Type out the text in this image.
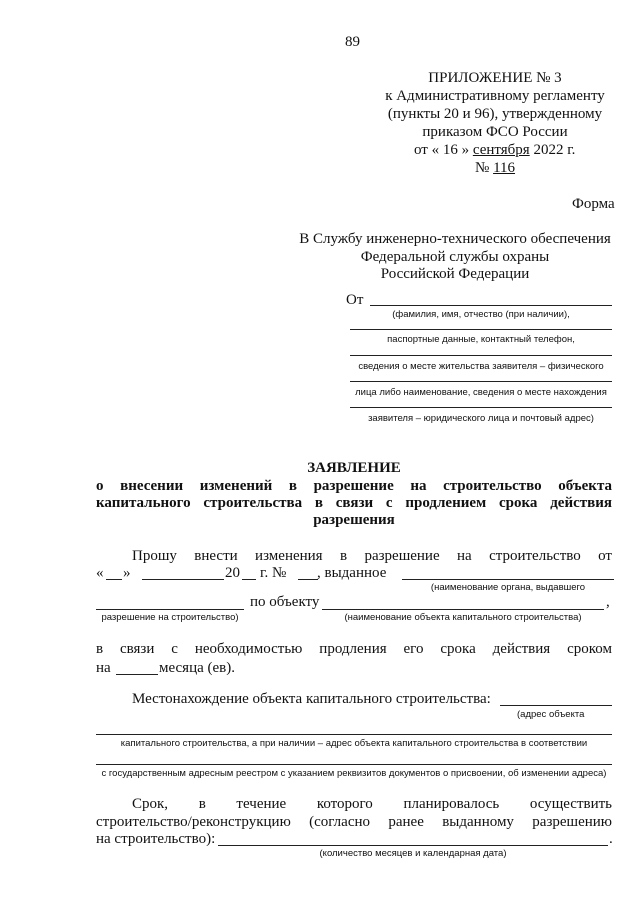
89
ПРИЛОЖЕНИЕ № 3
к Административному регламенту
(пункты 20 и 96), утвержденному
приказом ФСО России
от « 16 » сентября 2022 г.
№ 116
Форма
В Службу инженерно-технического обеспечения
Федеральной службы охраны
Российской Федерации
От
(фамилия, имя, отчество (при наличии),
паспортные данные, контактный телефон,
сведения о месте жительства заявителя – физического
лица либо наименование, сведения о месте нахождения
заявителя – юридического лица и почтовый адрес)
ЗАЯВЛЕНИЕ
о внесении изменений в разрешение на строительство объекта
капитального строительства в связи с продлением срока действия
разрешения
Прошу внести изменения в разрешение на строительство от
« »	20 г. № , выданное
(наименование органа, выдавшего
разрешение на строительство)
по объекту	,
(наименование объекта капитального строительства)
в связи с необходимостью продления его срока действия сроком
на	месяца (ев).
Местонахождение объекта капитального строительства:
(адрес объекта
капитального строительства, а при наличии – адрес объекта капитального строительства в соответствии
с государственным адресным реестром с указанием реквизитов документов о присвоении, об изменении адреса)
Срок, в течение которого планировалось осуществить
строительство/реконструкцию (согласно ранее выданному разрешению
на строительство):	.
(количество месяцев и календарная дата)
